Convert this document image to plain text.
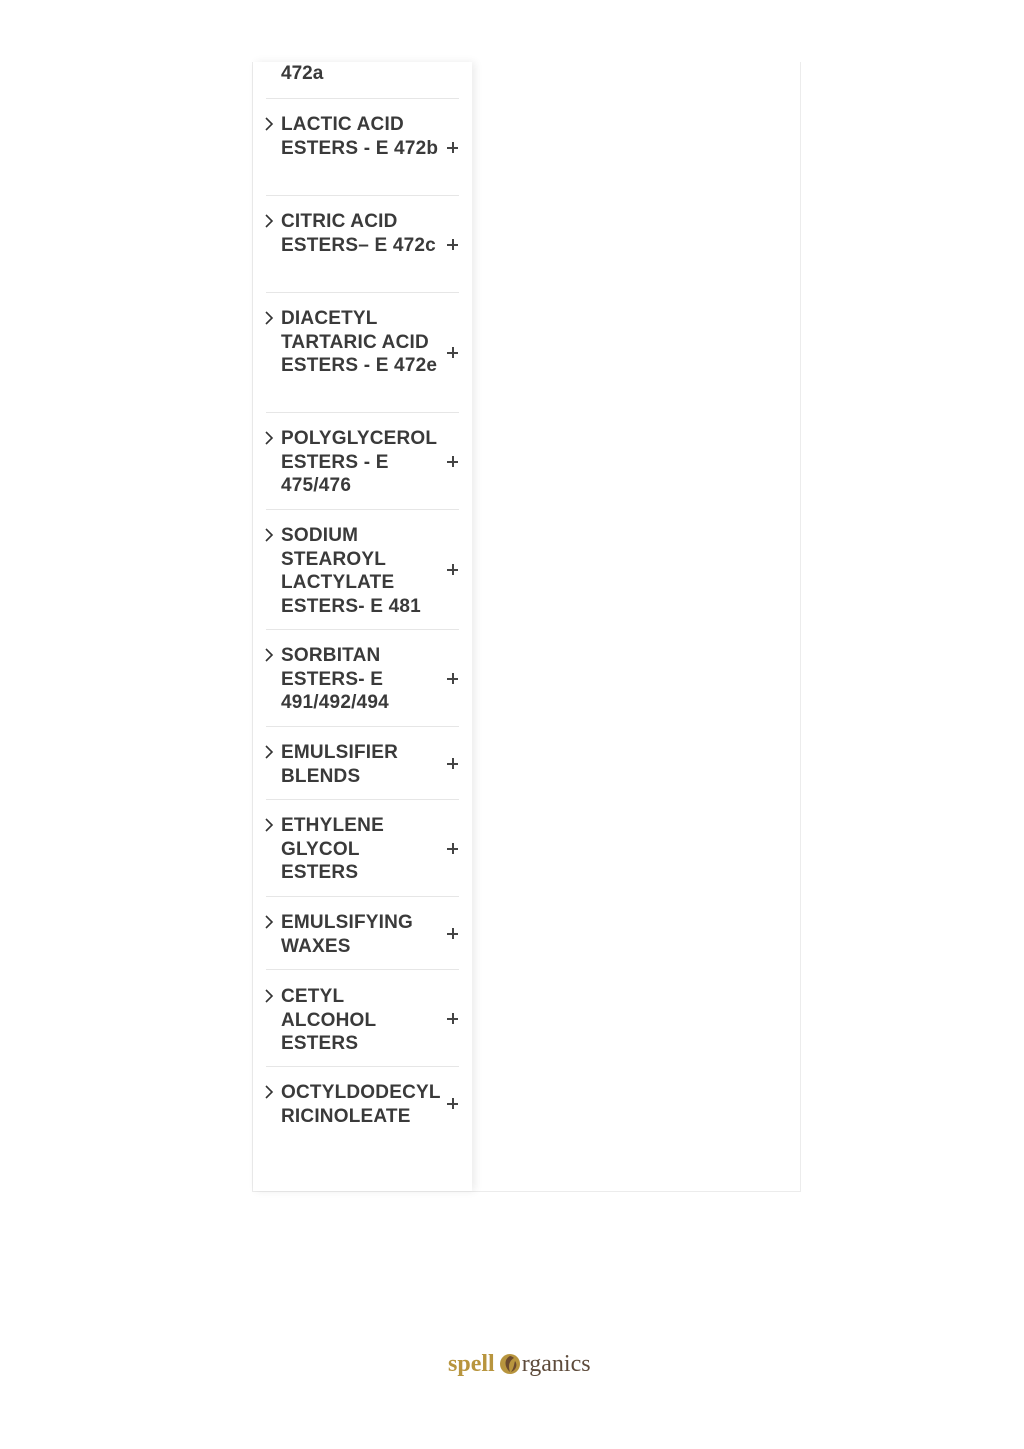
472a
LACTIC ACID ESTERS - E 472b
CITRIC ACID ESTERS– E 472c
DIACETYL TARTARIC ACID ESTERS - E 472e
POLYGLYCEROL ESTERS - E 475/476
SODIUM STEAROYL LACTYLATE ESTERS- E 481
SORBITAN ESTERS- E 491/492/494
EMULSIFIER BLENDS
ETHYLENE GLYCOL ESTERS
EMULSIFYING WAXES
CETYL ALCOHOL ESTERS
OCTYLDODECYL RICINOLEATE
spell rganics
